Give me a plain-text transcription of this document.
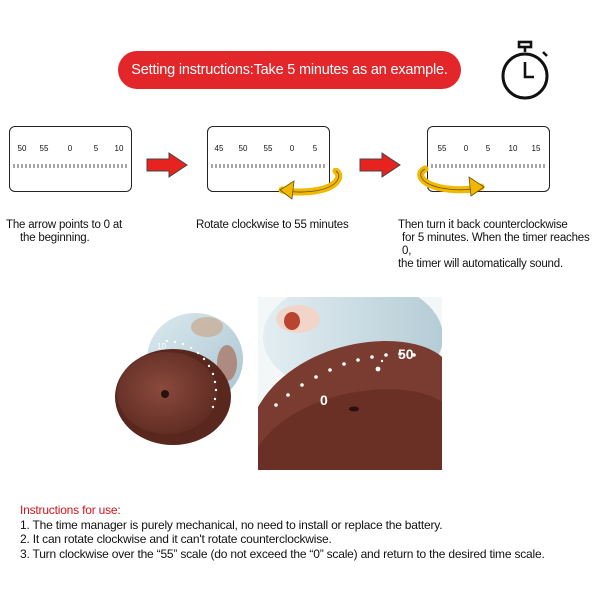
Setting instructions:Take 5 minutes as an example.
50 55 0	5 10	45 50 55 0 5	55 0 5 10 15
The arrow points to 0 at
the beginning.
Rotate clockwise to 55 minutes	Then turn it back counterclockwise
for 5 minutes. When the timer reaches 0,
the timer will automatically sound.
10	50
0
Instructions for use:
1. The time manager is purely mechanical, no need to install or replace the battery.
2. It can rotate clockwise and it can't rotate counterclockwise.
3. Turn clockwise over the “55” scale (do not exceed the “0” scale) and return to the desired time scale.
